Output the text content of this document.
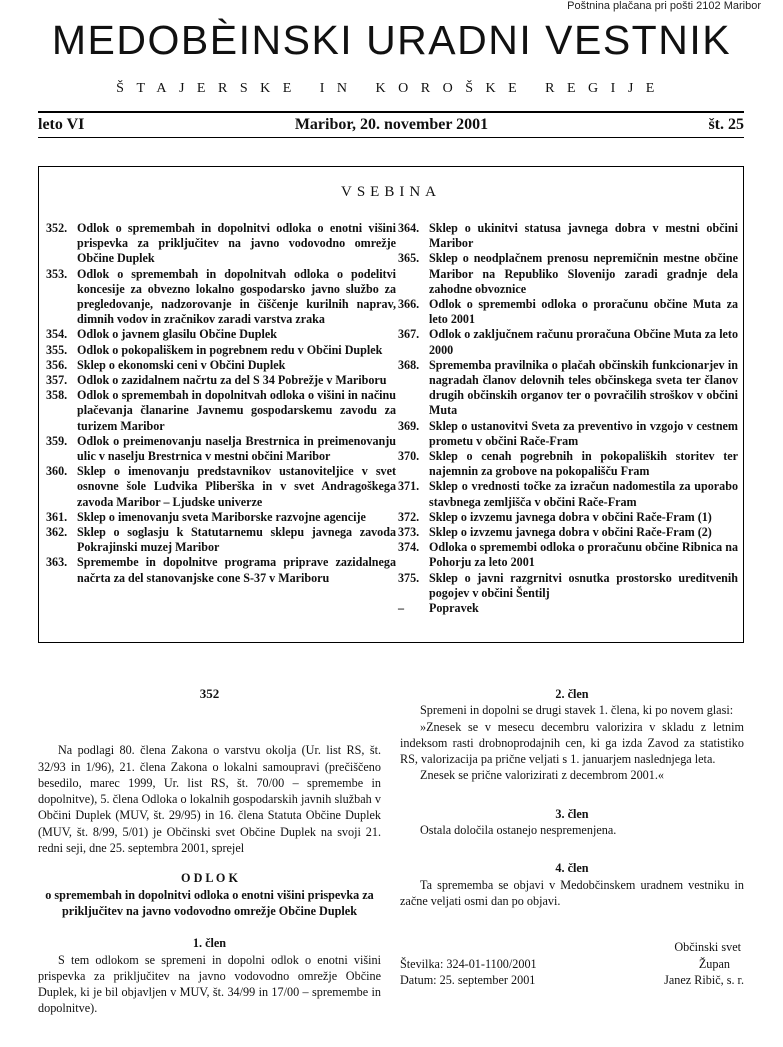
Poštnina plačana pri pošti 2102 Maribor
MEDOBÈINSKI URADNI VESTNIK
ŠTAJERSKE IN KOROŠKE REGIJE
leto VI	Maribor, 20. november 2001	št. 25
VSEBINA
352. Odlok o spremembah in dopolnitvi odloka o enotni višini prispevka za priključitev na javno vodovodno omrežje Občine Duplek
353. Odlok o spremembah in dopolnitvah odloka o podelitvi koncesije za obvezno lokalno gospodarsko javno službo za pregledovanje, nadzorovanje in čiščenje kurilnih naprav, dimnih vodov in zračnikov zaradi varstva zraka
354. Odlok o javnem glasilu Občine Duplek
355. Odlok o pokopališkem in pogrebnem redu v Občini Duplek
356. Sklep o ekonomski ceni v Občini Duplek
357. Odlok o zazidalnem načrtu za del S 34 Pobrežje v Mariboru
358. Odlok o spremembah in dopolnitvah odloka o višini in načinu plačevanja članarine Javnemu gospodarskemu zavodu za turizem Maribor
359. Odlok o preimenovanju naselja Brestrnica in preimenovanju ulic v naselju Brestrnica v mestni občini Maribor
360. Sklep o imenovanju predstavnikov ustanoviteljice v svet osnovne šole Ludvika Pliberška in v svet Andragoškega zavoda Maribor – Ljudske univerze
361. Sklep o imenovanju sveta Mariborske razvojne agencije
362. Sklep o soglasju k Statutarnemu sklepu javnega zavoda Pokrajinski muzej Maribor
363. Spremembe in dopolnitve programa priprave zazidalnega načrta za del stanovanjske cone S-37 v Mariboru
364. Sklep o ukinitvi statusa javnega dobra v mestni občini Maribor
365. Sklep o neodplačnem prenosu nepremičnin mestne občine Maribor na Republiko Slovenijo zaradi gradnje dela zahodne obvoznice
366. Odlok o spremembi odloka o proračunu občine Muta za leto 2001
367. Odlok o zaključnem računu proračuna Občine Muta za leto 2000
368. Sprememba pravilnika o plačah občinskih funkcionarjev in nagradah članov delovnih teles občinskega sveta ter članov drugih občinskih organov ter o povračilih stroškov v občini Muta
369. Sklep o ustanovitvi Sveta za preventivo in vzgojo v cestnem prometu v občini Rače-Fram
370. Sklep o cenah pogrebnih in pokopaliških storitev ter najemnin za grobove na pokopališču Fram
371. Sklep o vrednosti točke za izračun nadomestila za uporabo stavbnega zemljišča v občini Rače-Fram
372. Sklep o izvzemu javnega dobra v občini Rače-Fram (1)
373. Sklep o izvzemu javnega dobra v občini Rače-Fram (2)
374. Odloka o spremembi odloka o proračunu občine Ribnica na Pohorju za leto 2001
375. Sklep o javni razgrnitvi osnutka prostorsko ureditvenih pogojev v občini Šentilj
–	Popravek
352

Na podlagi 80. člena Zakona o varstvu okolja (Ur. list RS, št. 32/93 in 1/96), 21. člena Zakona o lokalni samoupravi (prečiščeno besedilo, marec 1999, Ur. list RS, št. 70/00 – spremembe in dopolnitve), 5. člena Odloka o lokalnih gospodarskih javnih službah v Občini Duplek (MUV, št. 29/95) in 16. člena Statuta Občine Duplek (MUV, št. 8/99, 5/01) je Občinski svet Občine Duplek na svoji 21. redni seji, dne 25. septembra 2001, sprejel

O D L O K

o spremembah in dopolnitvi odloka o enotni višini prispevka za priključitev na javno vodovodno omrežje Občine Duplek

1. člen

S tem odlokom se spremeni in dopolni odlok o enotni višini prispevka za priključitev na javno vodovodno omrežje Občine Duplek, ki je bil objavljen v MUV, št. 34/99 in 17/00 – spremembe in dopolnitve).

2. člen

Spremeni in dopolni se drugi stavek 1. člena, ki po novem glasi:

»Znesek se v mesecu decembru valorizira v skladu z letnim indeksom rasti drobnoprodajnih cen, ki ga izda Zavod za statistiko RS, valorizacija pa prične veljati s 1. januarjem naslednjega leta.

Znesek se prične valorizirati z decembrom 2001.«

3. člen

Ostala določila ostanejo nespremenjena.

4. člen

Ta sprememba se objavi v Medobčinskem uradnem vestniku in začne veljati osmi dan po objavi.

Občinski svet
Številka: 324-01-1100/2001	Župan
Datum: 25. september 2001	Janez Ribič, s. r.
